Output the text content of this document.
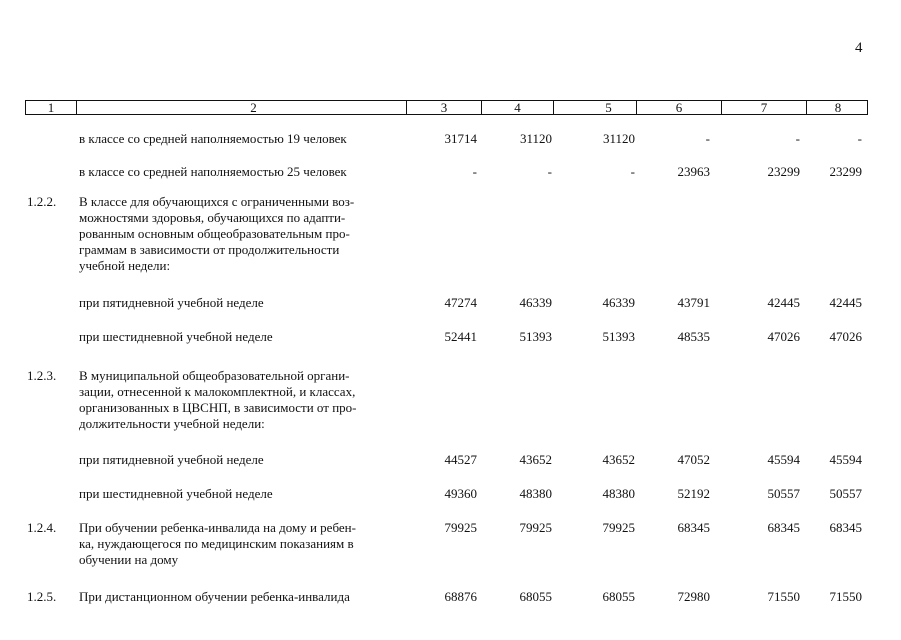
4
1	2	3	4	5	6	7	8
в классе со средней наполняемостью 19 человек	31714	31120	31120	-	-	-
в классе со средней наполняемостью 25 человек	-	-	-	23963	23299 23299
1.2.2.	В классе для обучающихся с ограниченными воз-
можностями здоровья, обучающихся по адапти-
рованным основным общеобразовательным про-
граммам в зависимости от продолжительности
учебной недели:
при пятидневной учебной неделе	47274	46339	46339	43791	42445 42445
при шестидневной учебной неделе	52441	51393	51393	48535	47026 47026
1.2.3.	В муниципальной общеобразовательной органи-
зации, отнесенной к малокомплектной, и классах,
организованных в ЦВСНП, в зависимости от про-
должительности учебной недели:
при пятидневной учебной неделе	44527	43652	43652	47052	45594 45594
при шестидневной учебной неделе	49360	48380	48380	52192	50557 50557
1.2.4.	При обучении ребенка-инвалида на дому и ребен-
ка, нуждающегося по медицинским показаниям в
обучении на дому
79925	79925	79925	68345	68345 68345
1.2.5.	При дистанционном обучении ребенка-инвалида	68876	68055	68055	72980	71550 71550
